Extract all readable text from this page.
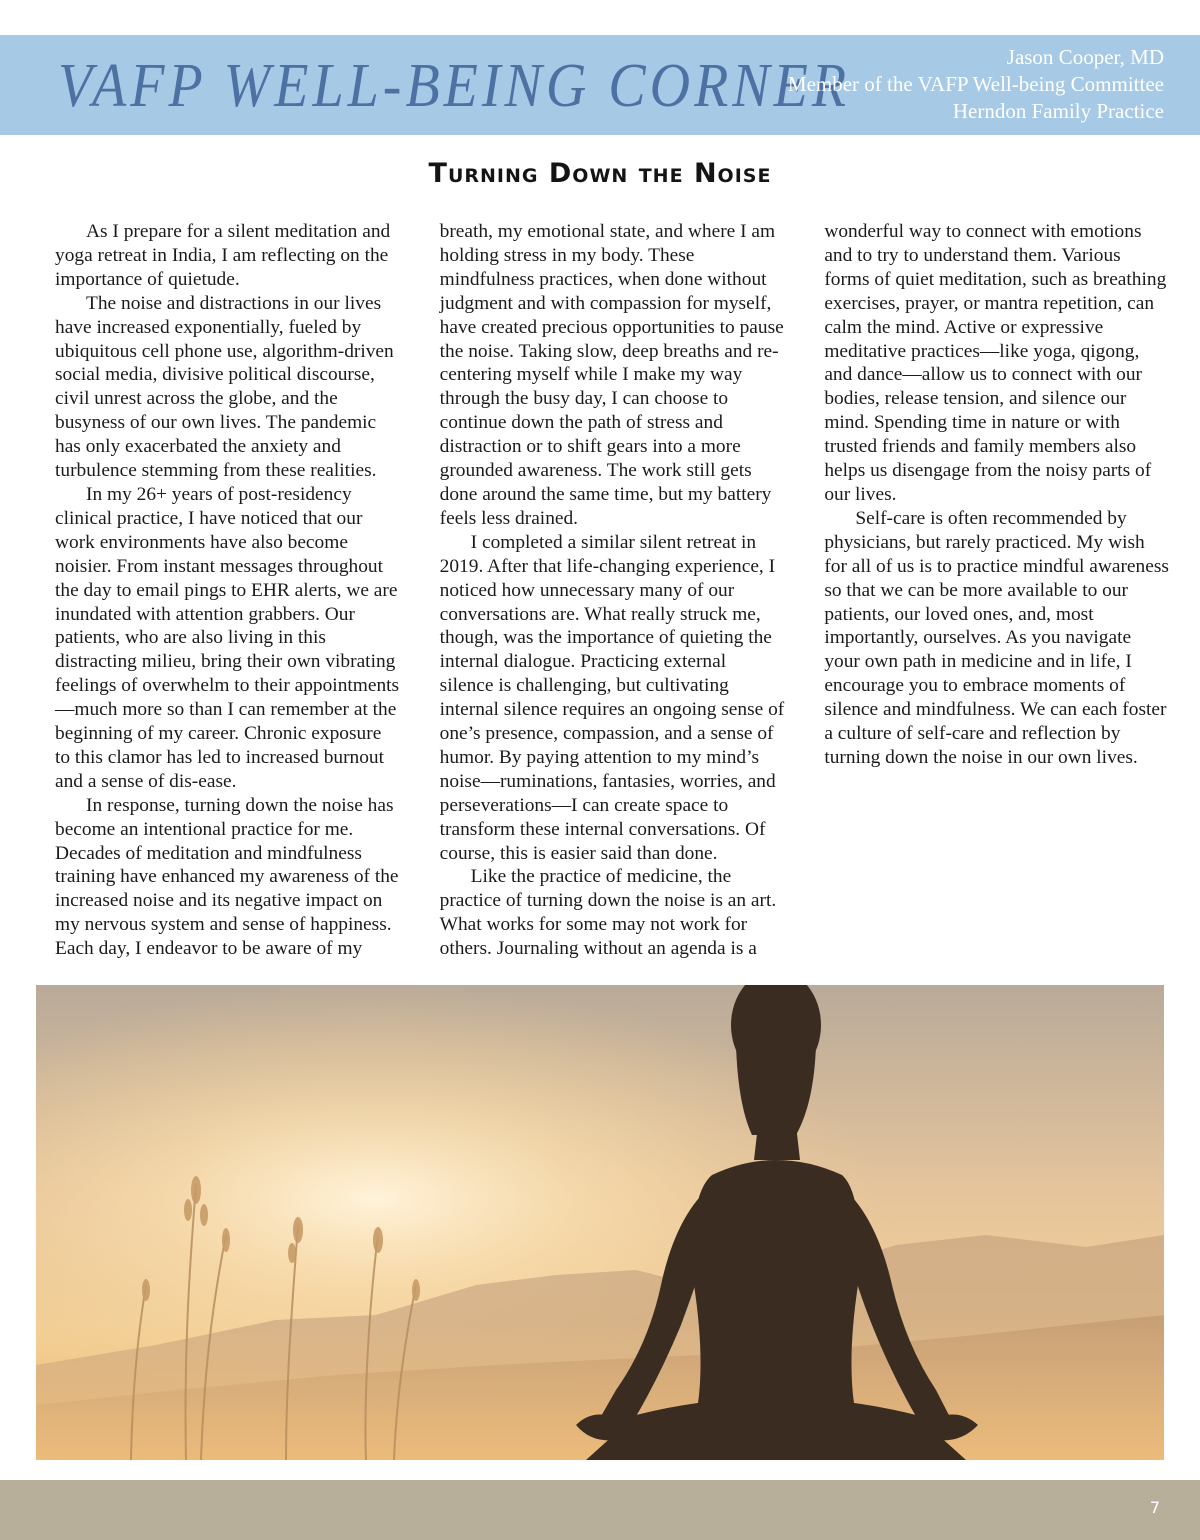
VAFP WELL-BEING CORNER	Jason Cooper, MD
Member of the VAFP Well-being Committee
Herndon Family Practice
Turning Down the Noise

As I prepare for a silent meditation and yoga retreat in India, I am reflecting on the importance of quietude.

The noise and distractions in our lives have increased exponentially, fueled by ubiquitous cell phone use, algorithm-driven social media, divisive political discourse, civil unrest across the globe, and the busyness of our own lives. The pandemic has only exacerbated the anxiety and turbulence stemming from these realities.

In my 26+ years of post-residency clinical practice, I have noticed that our work environments have also become noisier. From instant messages throughout the day to email pings to EHR alerts, we are inundated with attention grabbers. Our patients, who are also living in this distracting milieu, bring their own vibrating feelings of overwhelm to their appointments—much more so than I can remember at the beginning of my career. Chronic exposure to this clamor has led to increased burnout and a sense of dis-ease.

In response, turning down the noise has become an intentional practice for me. Decades of meditation and mindfulness training have enhanced my awareness of the increased noise and its negative impact on my nervous system and sense of happiness. Each day, I endeavor to be aware of my breath, my emotional state, and where I am holding stress in my body. These mindfulness practices, when done without judgment and with compassion for myself, have created precious opportunities to pause the noise. Taking slow, deep breaths and re-centering myself while I make my way through the busy day, I can choose to continue down the path of stress and distraction or to shift gears into a more grounded awareness. The work still gets done around the same time, but my battery feels less drained.

I completed a similar silent retreat in 2019. After that life-changing experience, I noticed how unnecessary many of our conversations are. What really struck me, though, was the importance of quieting the internal dialogue. Practicing external silence is challenging, but cultivating internal silence requires an ongoing sense of one’s presence, compassion, and a sense of humor. By paying attention to my mind’s noise—ruminations, fantasies, worries, and perseverations—I can create space to transform these internal conversations. Of course, this is easier said than done.

Like the practice of medicine, the practice of turning down the noise is an art. What works for some may not work for others. Journaling without an agenda is a wonderful way to connect with emotions and to try to understand them. Various forms of quiet meditation, such as breathing exercises, prayer, or mantra repetition, can calm the mind. Active or expressive meditative practices—like yoga, qigong, and dance—allow us to connect with our bodies, release tension, and silence our mind. Spending time in nature or with trusted friends and family members also helps us disengage from the noisy parts of our lives.

Self-care is often recommended by physicians, but rarely practiced. My wish for all of us is to practice mindful awareness so that we can be more available to our patients, our loved ones, and, most importantly, ourselves. As you navigate your own path in medicine and in life, I encourage you to embrace moments of silence and mindfulness. We can each foster a culture of self-care and reflection by turning down the noise in our own lives.

7
